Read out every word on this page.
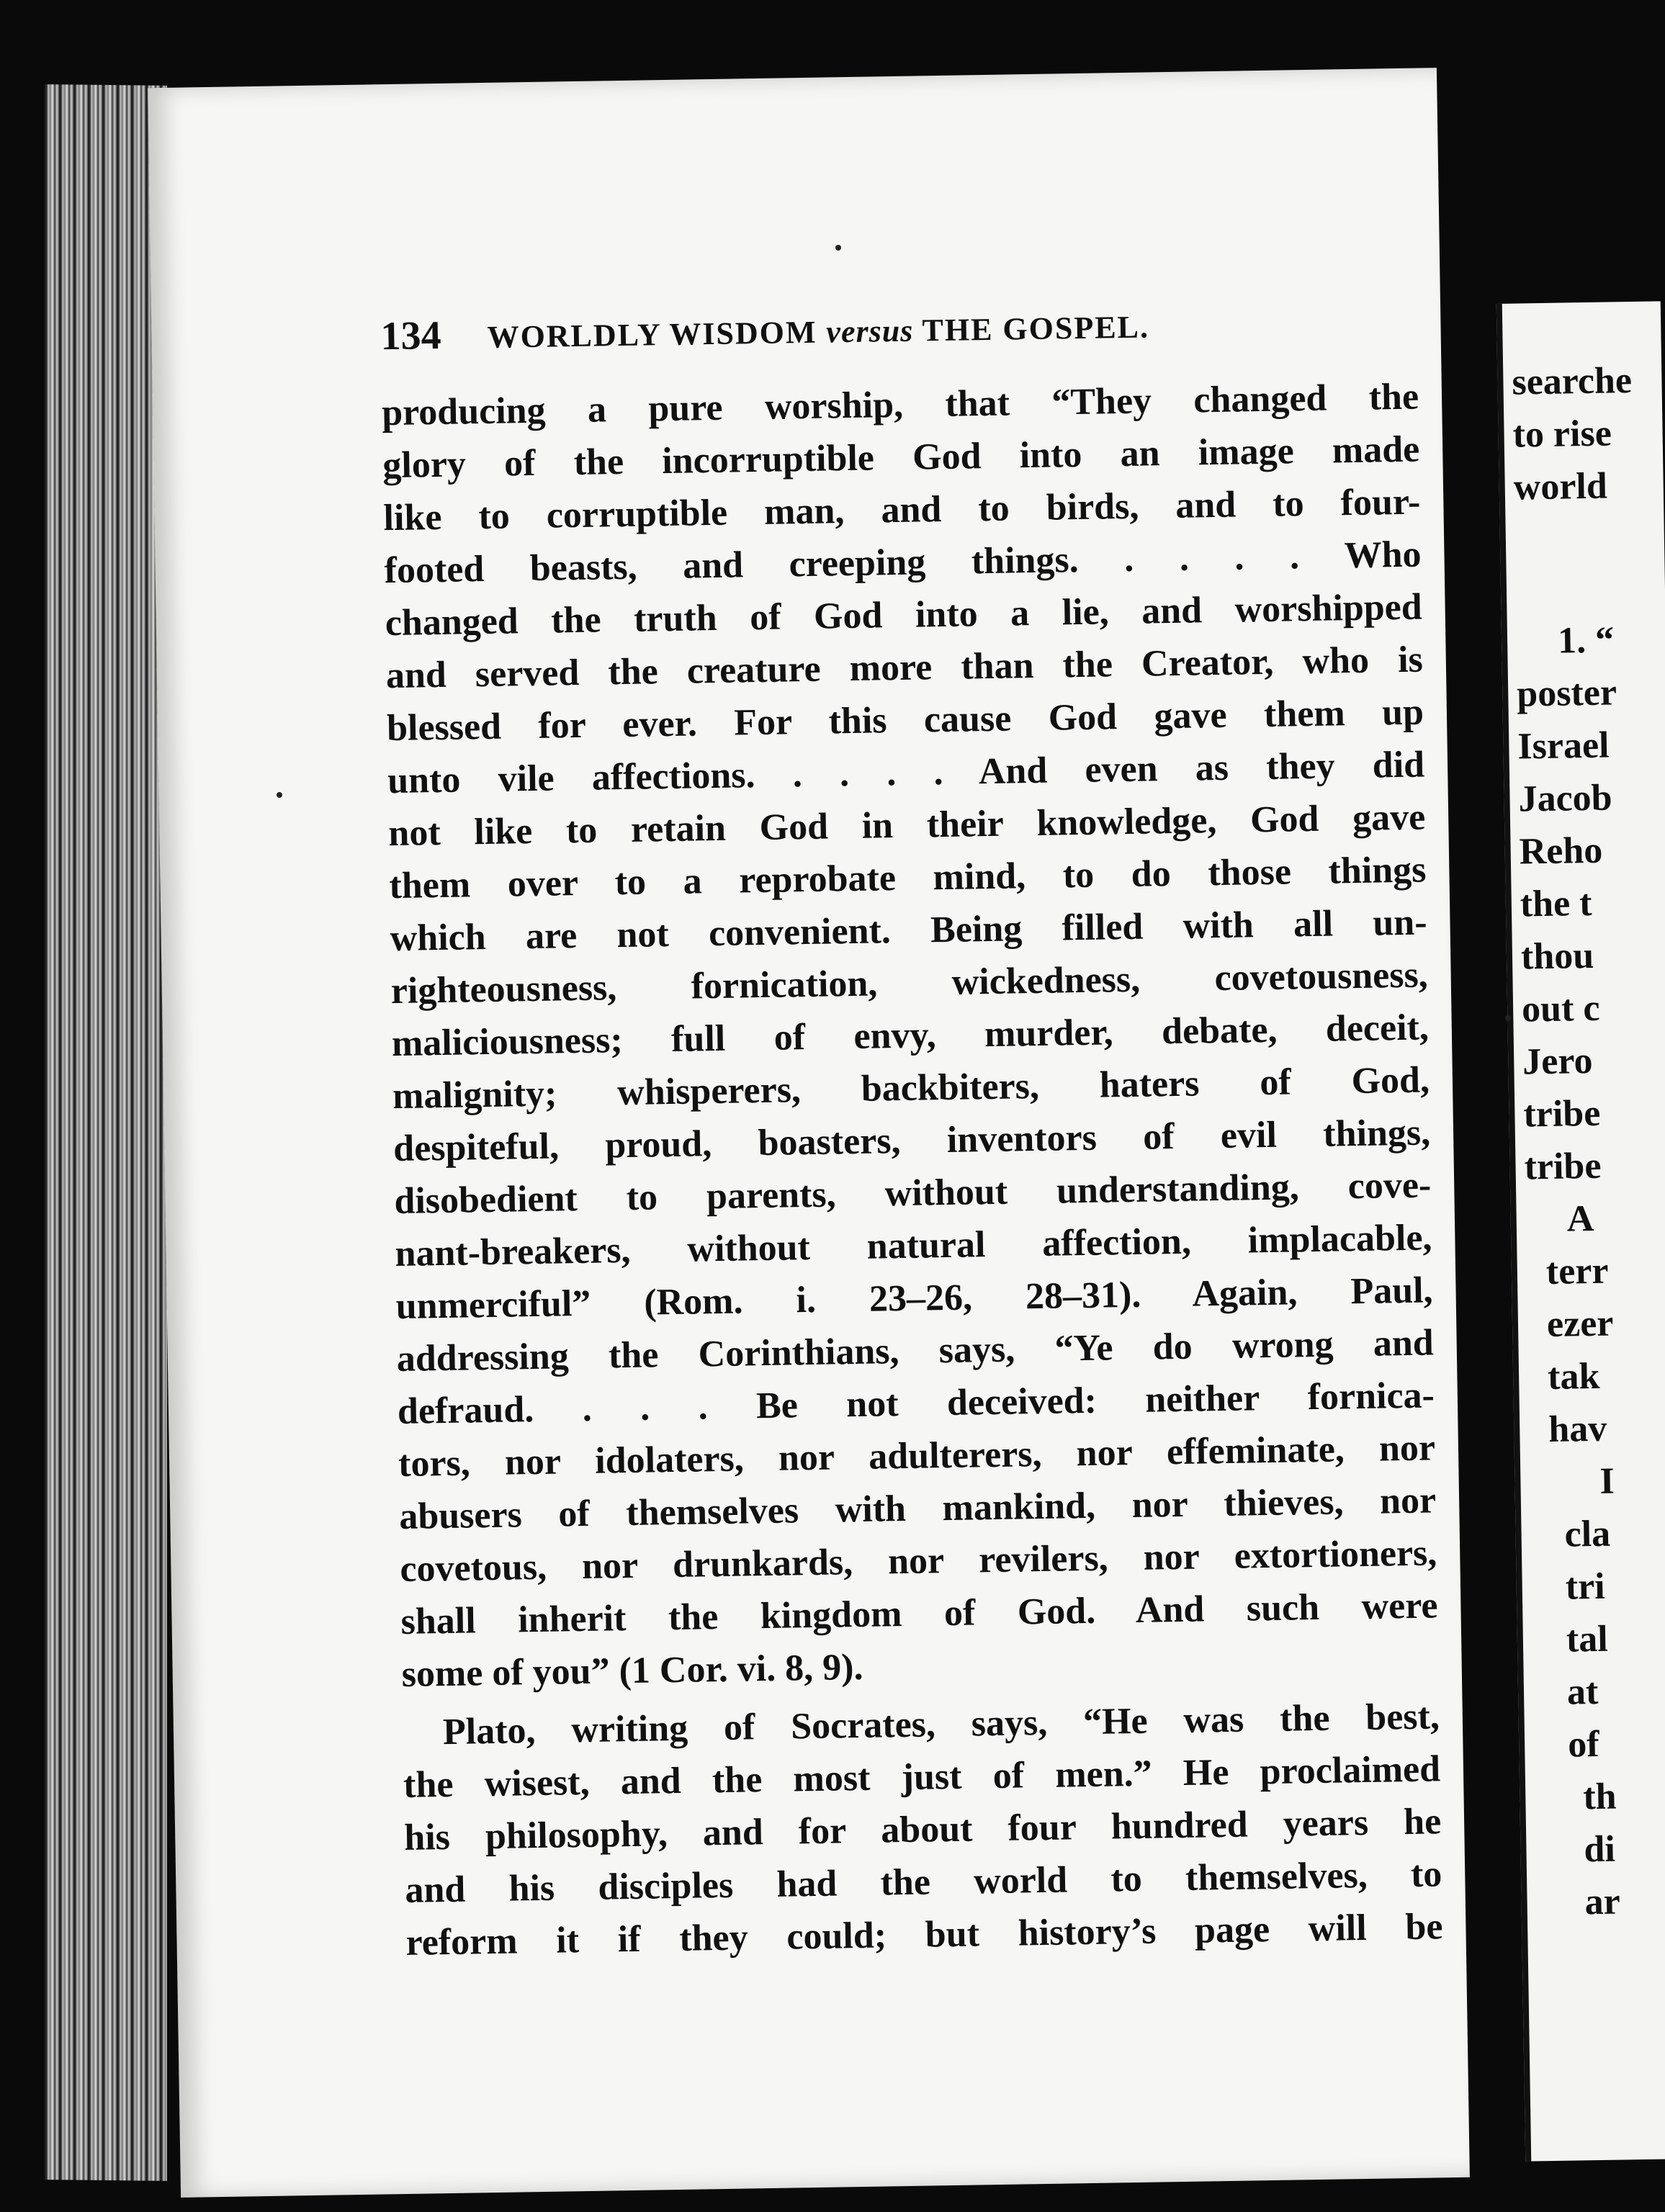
134 WORLDLY WISDOM versus THE GOSPEL.
producing a pure worship, that “They changed the
glory of the incorruptible God into an image made
like to corruptible man, and to birds, and to four-
footed beasts, and creeping things. . . . . Who
changed the truth of God into a lie, and worshipped
and served the creature more than the Creator, who is
blessed for ever. For this cause God gave them up
unto vile affections. . . . . And even as they did
not like to retain God in their knowledge, God gave
them over to a reprobate mind, to do those things
which are not convenient. Being filled with all un-
righteousness, fornication, wickedness, covetousness,
maliciousness; full of envy, murder, debate, deceit,
malignity; whisperers, backbiters, haters of God,
despiteful, proud, boasters, inventors of evil things,
disobedient to parents, without understanding, cove-
nant-breakers, without natural affection, implacable,
unmerciful” (Rom. i. 23–26, 28–31). Again, Paul,
addressing the Corinthians, says, “Ye do wrong and
defraud. . . . Be not deceived: neither fornica-
tors, nor idolaters, nor adulterers, nor effeminate, nor
abusers of themselves with mankind, nor thieves, nor
covetous, nor drunkards, nor revilers, nor extortioners,
shall inherit the kingdom of God. And such were
some of you” (1 Cor. vi. 8, 9).
Plato, writing of Socrates, says, “He was the best,
the wisest, and the most just of men.” He proclaimed
his philosophy, and for about four hundred years he
and his disciples had the world to themselves, to
reform it if they could; but history’s page will be
searche
to rise
world
1. “
poster
Israel
Jacob
Reho
the t
thou
out c
Jero
tribe
tribe
A
terr
ezer
tak
hav
I
cla
tri
tal
at
of
th
di
ar
